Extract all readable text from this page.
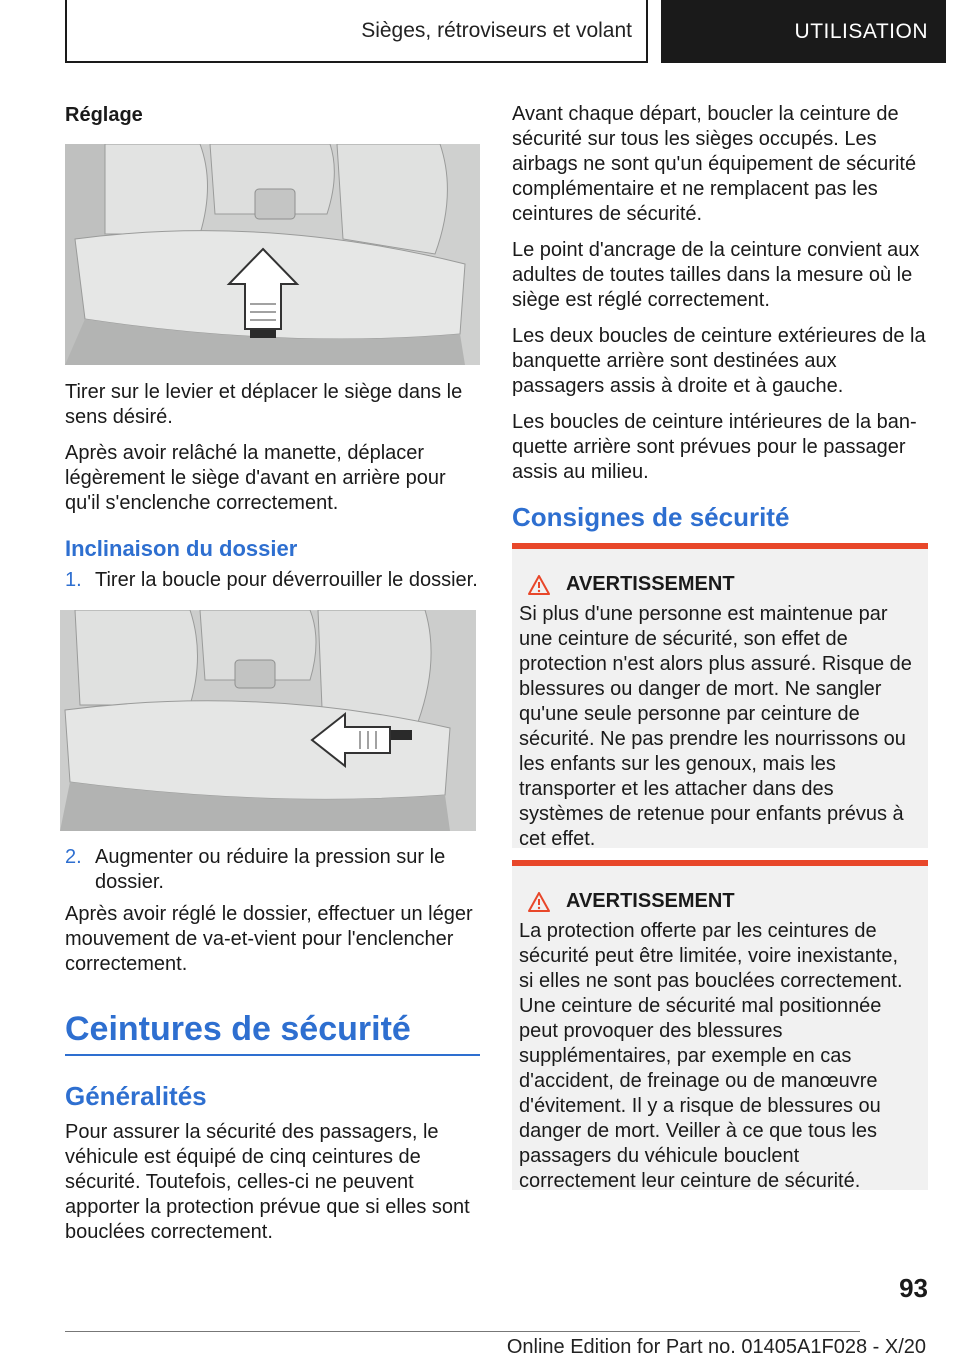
Sièges, rétroviseurs et volant	UTILISATION
Réglage

Tirer sur le levier et déplacer le siège dans le sens désiré.

Après avoir relâché la manette, déplacer légèrement le siège d'avant en arrière pour qu'il s'enclenche correctement.

Inclinaison du dossier
1. Tirer la boucle pour déverrouiller le dossier.
2. Augmenter ou réduire la pression sur le dossier.

Après avoir réglé le dossier, effectuer un léger mouvement de va-et-vient pour l'enclencher correctement.

Ceintures de sécurité
Généralités

Pour assurer la sécurité des passagers, le véhicule est équipé de cinq ceintures de sécurité. Toutefois, celles-ci ne peuvent apporter la protection prévue que si elles sont bouclées correctement.

Avant chaque départ, boucler la ceinture de sécurité sur tous les sièges occupés. Les airbags ne sont qu'un équipement de sécurité complémentaire et ne remplacent pas les ceintures de sécurité.

Le point d'ancrage de la ceinture convient aux adultes de toutes tailles dans la mesure où le siège est réglé correctement.

Les deux boucles de ceinture extérieures de la banquette arrière sont destinées aux passagers assis à droite et à gauche.

Les boucles de ceinture intérieures de la banquette arrière sont prévues pour le passager assis au milieu.

Consignes de sécurité
AVERTISSEMENT
Si plus d'une personne est maintenue par une ceinture de sécurité, son effet de protection n'est alors plus assuré. Risque de blessures ou danger de mort. Ne sangler qu'une seule personne par ceinture de sécurité. Ne pas prendre les nourrissons ou les enfants sur les genoux, mais les transporter et les attacher dans des systèmes de retenue pour enfants prévus à cet effet.
AVERTISSEMENT
La protection offerte par les ceintures de sécurité peut être limitée, voire inexistante, si elles ne sont pas bouclées correctement. Une ceinture de sécurité mal positionnée peut provoquer des blessures supplémentaires, par exemple en cas d'accident, de freinage ou de manœuvre d'évitement. Il y a risque de blessures ou danger de mort. Veiller à ce que tous les passagers du véhicule bouclent correctement leur ceinture de sécurité.
93
Online Edition for Part no. 01405A1F028 - X/20
